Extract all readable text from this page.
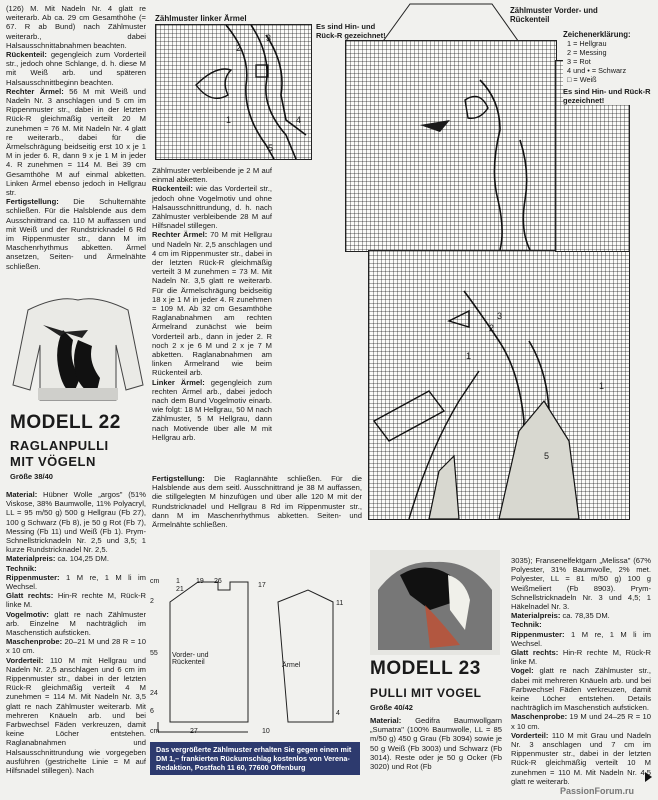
(126) M. Mit Nadeln Nr. 4 glatt re weiterarb. Ab ca. 29 cm Gesamthöhe (= 67. R ab Bund) nach Zählmuster weiterarb., dabei Halsausschnittabnahmen beachten.

Rückenteil: gegengleich zum Vorderteil str., jedoch ohne Schlange, d. h. diese M mit Weiß arb. und späteren Halsausschnittbeginn beachten.

Rechter Ärmel: 56 M mit Weiß und Nadeln Nr. 3 anschlagen und 5 cm im Rippenmuster str., dabei in der letzten Rück-R gleichmäßig verteilt 20 M zunehmen = 76 M. Mit Nadeln Nr. 4 glatt re weiterarb., dabei für die Ärmelschrägung beidseitig erst 10 x je 1 M in jeder 6. R, dann 9 x je 1 M in jeder 4. R zunehmen = 114 M. Bei 39 cm Gesamthöhe M auf einmal abketten. Linken Ärmel ebenso jedoch in Hellgrau str.

Fertigstellung: Die Schulternähte schließen. Für die Halsblende aus dem Ausschnittrand ca. 110 M auffassen und mit Weiß und der Rundstricknadel 6 Rd im Rippenmuster str., dann M im Maschenrhythmus abketten. Ärmel ansetzen, Seiten- und Ärmelnähte schließen.

MODELL 22
RAGLANPULLI
MIT VÖGELN
Größe 38/40

Material: Hübner Wolle „argos" (51% Viskose, 38% Baumwolle, 11% Polyacryl, LL = 95 m/50 g) 500 g Hellgrau (Fb 27), 100 g Schwarz (Fb 8), je 50 g Rot (Fb 7), Messing (Fb 11) und Weiß (Fb 1). Prym-Schnellstricknadeln Nr. 2,5 und 3,5; 1 kurze Rundstricknadel Nr. 2,5.

Materialpreis: ca. 104,25 DM.

Technik:

Rippenmuster: 1 M re, 1 M li im Wechsel.

Glatt rechts: Hin-R rechte M, Rück-R linke M.

Vogelmotiv: glatt re nach Zählmuster arb. Einzelne M nachträglich im Maschenstich aufsticken.

Maschenprobe: 20–21 M und 28 R = 10 x 10 cm.

Vorderteil: 110 M mit Hellgrau und Nadeln Nr. 2,5 anschlagen und 6 cm im Rippenmuster str., dabei in der letzten Rück-R gleichmäßig verteilt 4 M zunehmen = 114 M. Mit Nadeln Nr. 3,5 glatt re nach Zählmuster weiterarb. Mit mehreren Knäueln arb. und bei Farbwechsel Fäden verkreuzen, damit keine Löcher entstehen. Raglanabnahmen und Halsausschnittrundung wie vorgegeben ausführen (gestrichelte Linie = M auf Hilfsnadel stillegen). Nach

Zählmuster linker Ärmel
2
3
1	4
5
Es sind Hin- und Rück-R gezeichnet!
Zählmuster Vorder- und Rückenteil
1
1
2
3
5
Zeichenerklärung:
1 = Hellgrau
2 = Messing
3 = Rot
4 und • = Schwarz
□ = Weiß
Es sind Hin- und Rück-R gezeichnet!

Zählmuster verbleibende je 2 M auf einmal abketten.

Rückenteil: wie das Vorderteil str., jedoch ohne Vogelmotiv und ohne Halsausschnittrundung, d. h. nach Zählmuster verbleibende 28 M auf Hilfsnadel stillegen.

Rechter Ärmel: 70 M mit Hellgrau und Nadeln Nr. 2,5 anschlagen und 4 cm im Rippenmuster str., dabei in der letzten Rück-R gleichmäßig verteilt 3 M zunehmen = 73 M. Mit Nadeln Nr. 3,5 glatt re weiterarb. Für die Ärmelschrägung beidseitig 18 x je 1 M in jeder 4. R zunehmen = 109 M. Ab 32 cm Gesamthöhe Raglanabnahmen am rechten Ärmelrand zunächst wie beim Vorderteil arb., dann in jeder 2. R noch 2 x je 6 M und 2 x je 7 M abketten. Raglanabnahmen am linken Ärmelrand wie beim Rückenteil arb.

Linker Ärmel: gegengleich zum rechten Ärmel arb., dabei jedoch nach dem Bund Vogelmotiv einarb. wie folgt: 18 M Hellgrau, 50 M nach Zählmuster, 5 M Hellgrau, dann nach Motivende über alle M mit Hellgrau arb.

Fertigstellung: Die Raglannähte schließen. Für die Halsblende aus dem seitl. Ausschnittrand je 38 M auffassen, die stillgelegten M hinzufügen und über alle 120 M mit der Rundstricknadel und Hellgrau 8 Rd im Rippenmuster str., dann M im Maschenrhythmus abketten. Seiten- und Ärmelnähte schließen.

Vorder- und Rückenteil	Ärmel
cm 1
21
19 26
2
55
24
6
cm	27
17
10
11
4
Das vergrößerte Zählmuster erhalten Sie gegen einen mit DM 1,– frankierten Rückumschlag kostenlos von Verena-Redaktion, Postfach 11 60, 77600 Offenburg
MODELL 23
PULLI MIT VOGEL
Größe 40/42

Material: Gedifra Baumwollgarn „Sumatra" (100% Baumwolle, LL = 85 m/50 g) 450 g Grau (Fb 3094) sowie je 50 g Weiß (Fb 3003) und Schwarz (Fb 3014). Reste oder je 50 g Ocker (Fb 3020) und Rot (Fb

3035); Fransenelfektgarn „Melissa" (67% Polyester, 31% Baumwolle, 2% met. Polyester, LL = 81 m/50 g) 100 g Weißmeliert (Fb 8903). Prym-Schnellstricknadeln Nr. 3 und 4,5; 1 Häkelnadel Nr. 3.

Materialpreis: ca. 78,35 DM.

Technik:

Rippenmuster: 1 M re, 1 M li im Wechsel.

Glatt rechts: Hin-R rechte M, Rück-R linke M.

Vogel: glatt re nach Zählmuster str., dabei mit mehreren Knäueln arb. und bei Farbwechsel Fäden verkreuzen, damit keine Löcher entstehen. Details nachträglich im Maschenstich aufsticken.

Maschenprobe: 19 M und 24–25 R = 10 x 10 cm.

Vorderteil: 110 M mit Grau und Nadeln Nr. 3 anschlagen und 7 cm im Rippenmuster str., dabei in der letzten Rück-R gleichmäßig verteilt 10 M zunehmen = 110 M. Mit Nadeln Nr. 4,5 glatt re weiterarb.

PassionForum.ru
